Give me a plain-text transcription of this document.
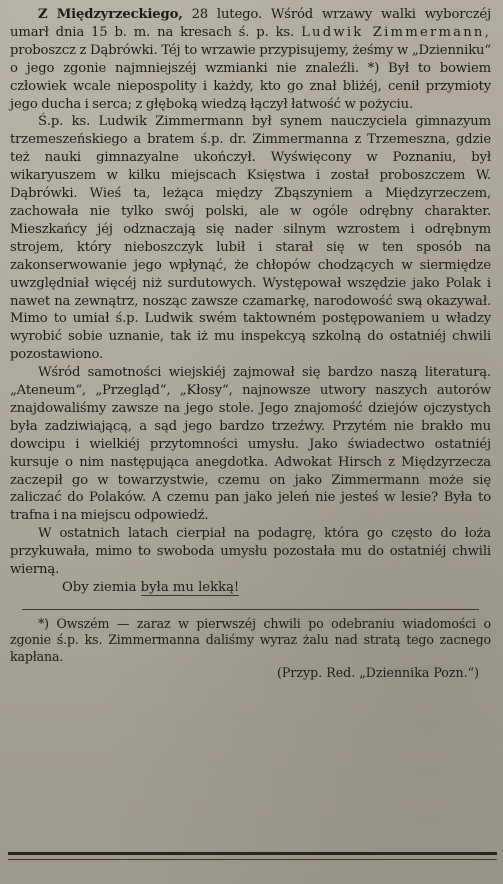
Z Międzyrzeckiego, 28 lutego. Wśród wrzawy walki wyborczéj umarł dnia 15 b. m. na kresach ś. p. ks. Ludwik Zimmermann, proboszcz z Dąbrówki. Téj to wrzawie przypisujemy, żeśmy w „Dzienniku“ o jego zgonie najmniejszéj wzmianki nie znaleźli. *) Był to bowiem człowiek wcale niepospolity i każdy, kto go znał bliżéj, cenił przymioty jego ducha i serca; z głęboką wiedzą łączył łatwość w pożyciu.

Ś.p. ks. Ludwik Zimmermann był synem nauczyciela gimnazyum trzemeszeńskiego a bratem ś.p. dr. Zimmermanna z Trzemeszna, gdzie też nauki gimnazyalne ukończył. Wyświęcony w Poznaniu, był wikaryuszem w kilku miejscach Księstwa i został proboszczem W. Dąbrówki. Wieś ta, leżąca między Zbąszyniem a Międzyrzeczem, zachowała nie tylko swój polski, ale w ogóle odrębny charakter. Mieszkańcy jéj odznaczają się nader silnym wzrostem i odrębnym strojem, który nieboszczyk lubił i starał się w ten sposób na zakonserwowanie jego wpłynąć, że chłopów chodzących w siermiędze uwzględniał więcéj niż surdutowych. Występował wszędzie jako Polak i nawet na zewnątrz, nosząc zawsze czamarkę, narodowość swą okazywał. Mimo to umiał ś.p. Ludwik swém taktowném postępowaniem u władzy wyrobić sobie uznanie, tak iż mu inspekcyą szkolną do ostatniéj chwili pozostawiono.

Wśród samotności wiejskiéj zajmował się bardzo naszą literaturą. „Ateneum“, „Przegląd“, „Kłosy“, najnowsze utwory naszych autorów znajdowaliśmy zawsze na jego stole. Jego znajomość dziejów ojczystych była zadziwiającą, a sąd jego bardzo trzeźwy. Przytém nie brakło mu dowcipu i wielkiéj przytomności umysłu. Jako świadectwo ostatniéj kursuje o nim następująca anegdotka. Adwokat Hirsch z Międzyrzecza zaczepił go w towarzystwie, czemu on jako Zimmermann może się zaliczać do Polaków. A czemu pan jako jeleń nie jesteś w lesie? Była to trafna i na miejscu odpowiedź.

W ostatnich latach cierpiał na podagrę, która go często do łoża przykuwała, mimo to swoboda umysłu pozostała mu do ostatniéj chwili wierną.

Oby ziemia była mu lekką!

*) Owszém — zaraz w pierwszéj chwili po odebraniu wiadomości o zgonie ś.p. ks. Zimmermanna daliśmy wyraz żalu nad stratą tego zacnego kapłana.

(Przyp. Red. „Dziennika Pozn.“)
